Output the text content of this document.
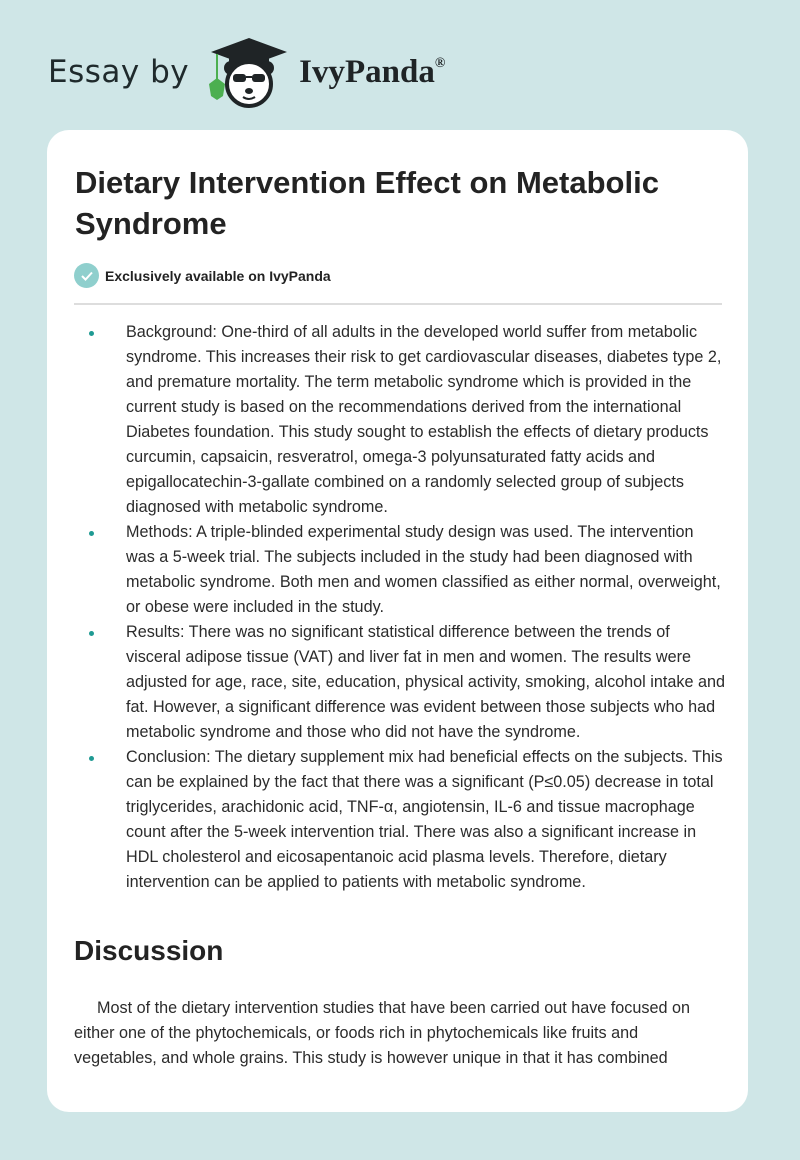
Essay by	IvyPanda®
Dietary Intervention Effect on Metabolic Syndrome
Exclusively available on IvyPanda
Background: One-third of all adults in the developed world suffer from metabolic syndrome. This increases their risk to get cardiovascular diseases, diabetes type 2, and premature mortality. The term metabolic syndrome which is provided in the current study is based on the recommendations derived from the international Diabetes foundation. This study sought to establish the effects of dietary products curcumin, capsaicin, resveratrol, omega-3 polyunsaturated fatty acids and epigallocatechin-3-gallate combined on a randomly selected group of subjects diagnosed with metabolic syndrome.
Methods: A triple-blinded experimental study design was used. The intervention was a 5-week trial. The subjects included in the study had been diagnosed with metabolic syndrome. Both men and women classified as either normal, overweight, or obese were included in the study.
Results: There was no significant statistical difference between the trends of visceral adipose tissue (VAT) and liver fat in men and women. The results were adjusted for age, race, site, education, physical activity, smoking, alcohol intake and fat. However, a significant difference was evident between those subjects who had metabolic syndrome and those who did not have the syndrome.
Conclusion: The dietary supplement mix had beneficial effects on the subjects. This can be explained by the fact that there was a significant (P≤0.05) decrease in total triglycerides, arachidonic acid, TNF-α, angiotensin, IL-6 and tissue macrophage count after the 5-week intervention trial. There was also a significant increase in HDL cholesterol and eicosapentanoic acid plasma levels. Therefore, dietary intervention can be applied to patients with metabolic syndrome.
Discussion

Most of the dietary intervention studies that have been carried out have focused on either one of the phytochemicals, or foods rich in phytochemicals like fruits and vegetables, and whole grains. This study is however unique in that it has combined
